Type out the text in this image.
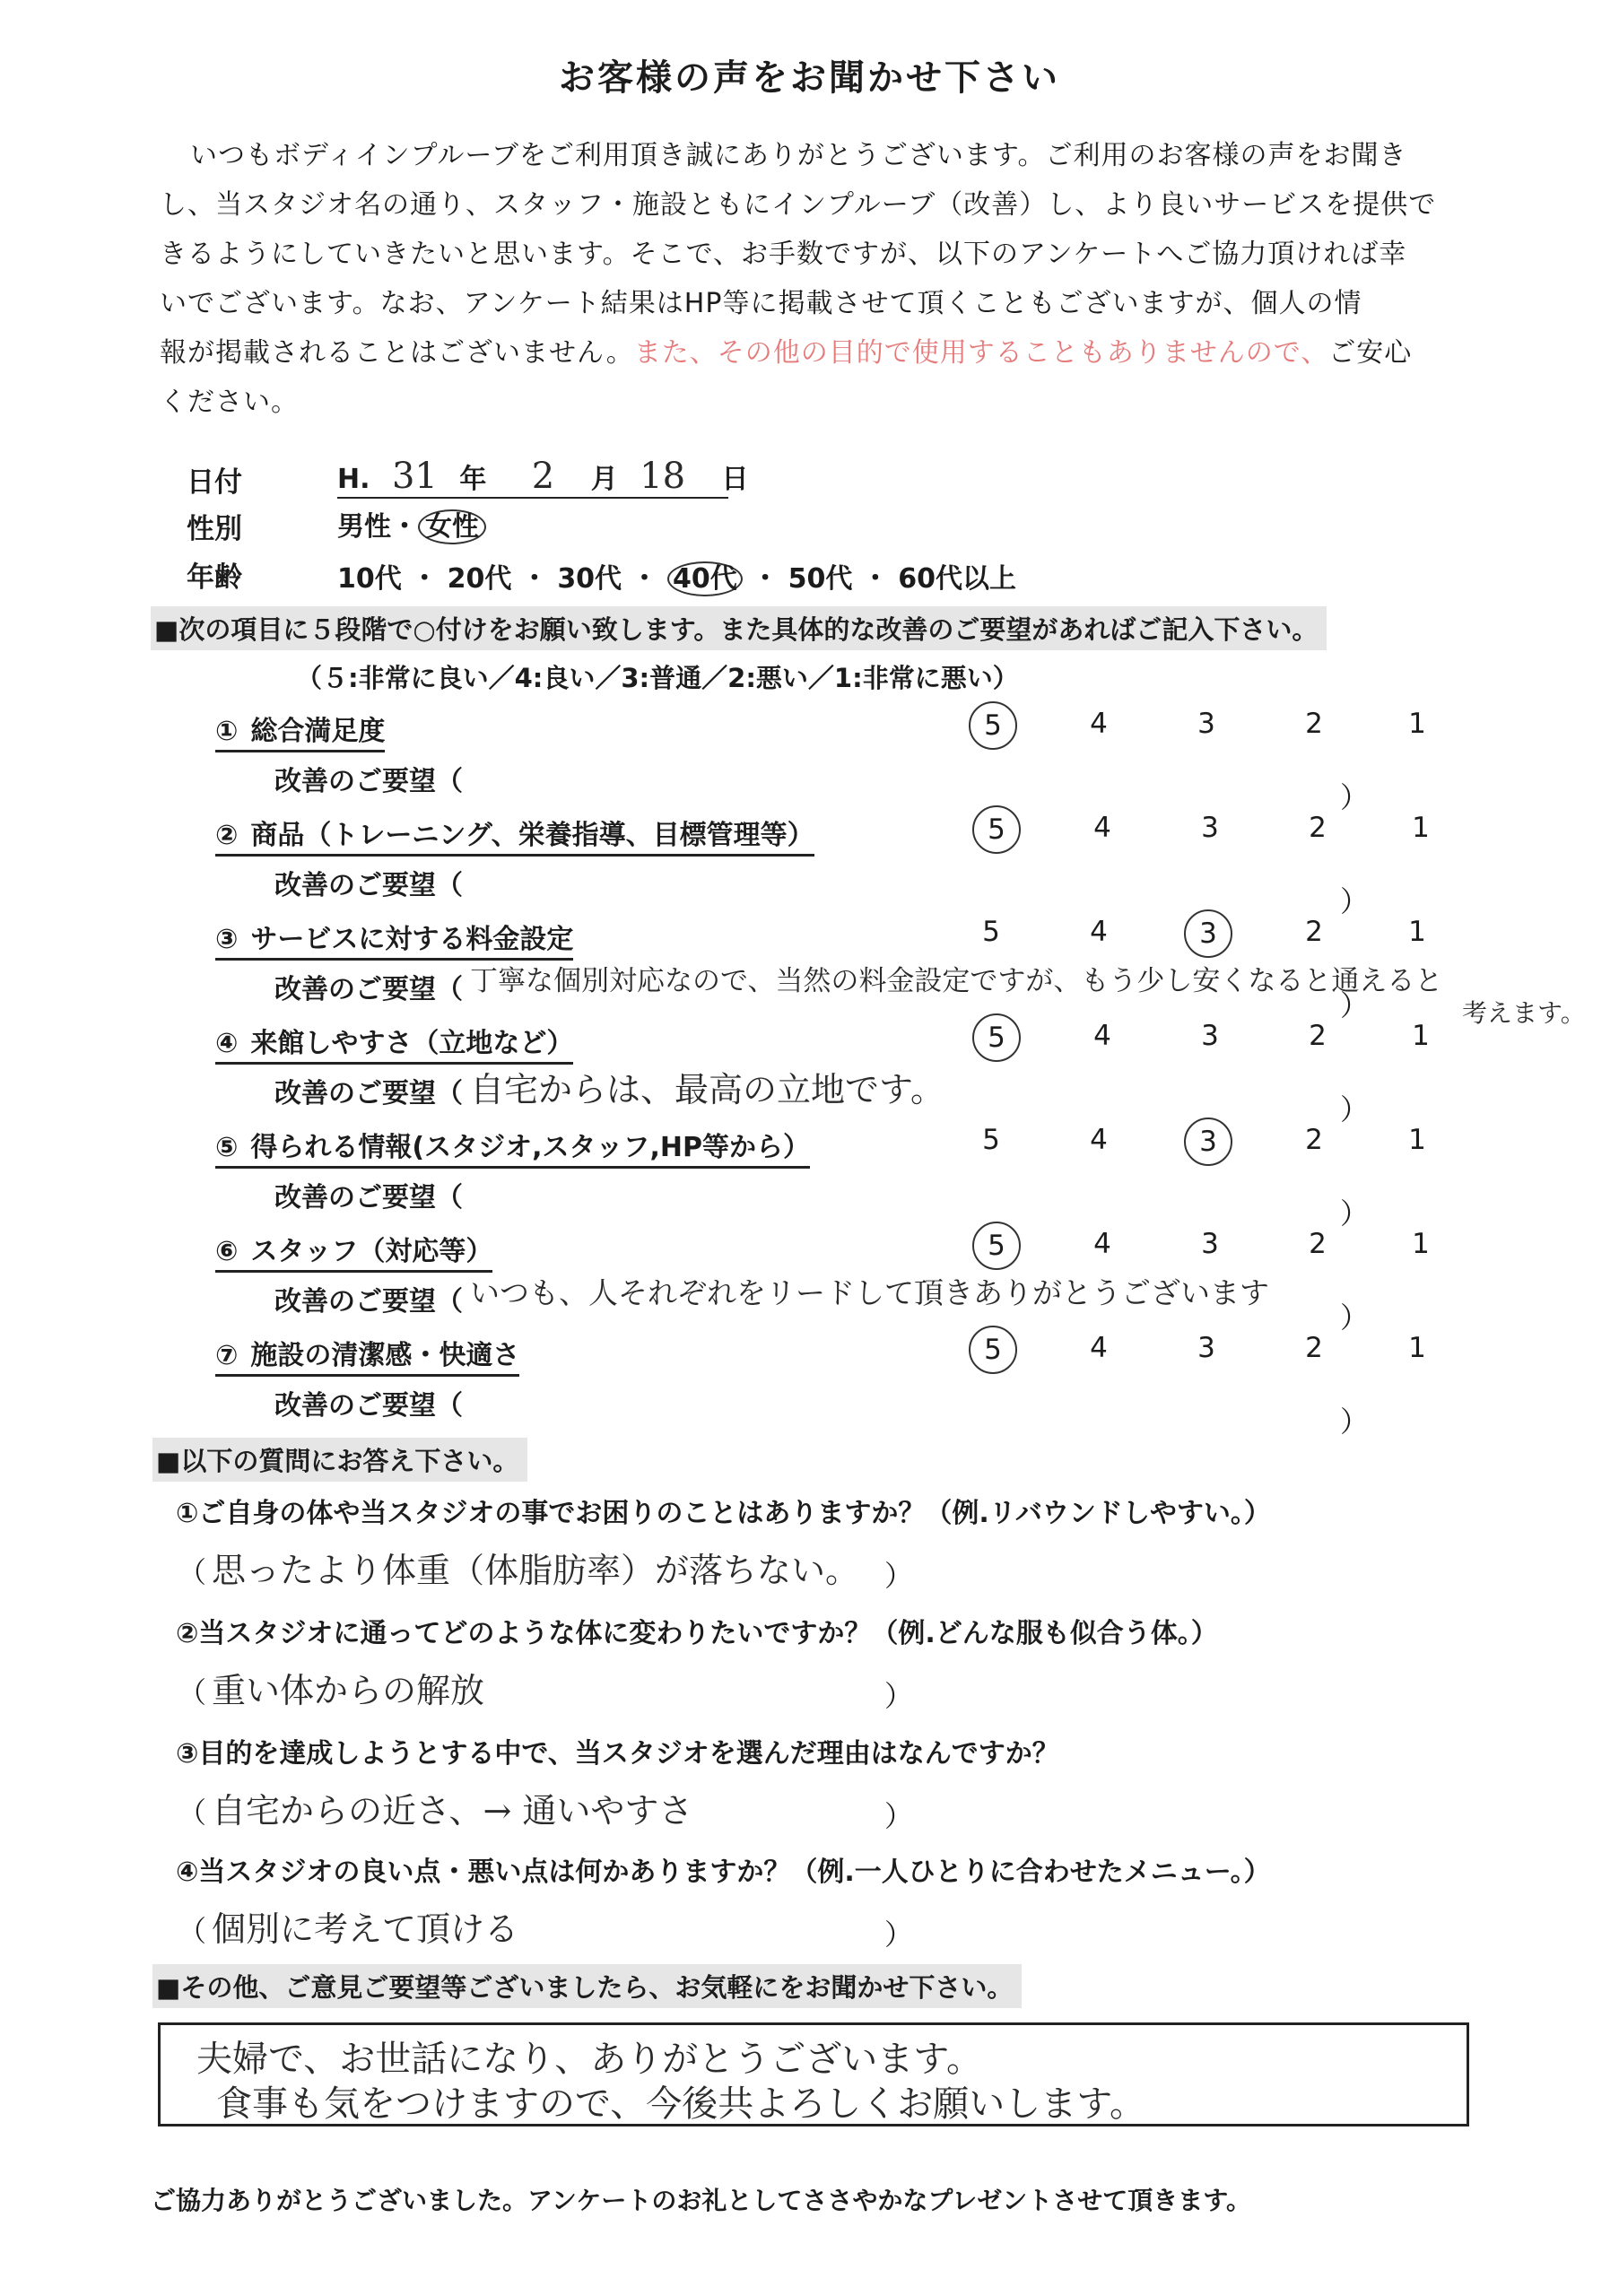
お客様の声をお聞かせ下さい
いつもボディインプルーブをご利用頂き誠にありがとうございます。ご利用のお客様の声をお聞き
し、当スタジオ名の通り、スタッフ・施設ともにインプルーブ（改善）し、より良いサービスを提供で
きるようにしていきたいと思います。そこで、お手数ですが、以下のアンケートへご協力頂ければ幸
いでございます。なお、アンケート結果はHP等に掲載させて頂くこともございますが、個人の情
報が掲載されることはございません。また、その他の目的で使用することもありませんので、ご安心
ください。
日付	H. 31 年 2 月 18 日
性別	男性・ 女性
年齢	10代 ・ 20代 ・ 30代 ・ 40代 ・ 50代 ・ 60代以上
■次の項目に５段階で○付けをお願い致します。また具体的な改善のご要望があればご記入下さい。
（５:非常に良い／4:良い／3:普通／2:悪い／1:非常に悪い）
① 総合満足度	5	4	3	2	1
改善のご要望（	）
② 商品（トレーニング、栄養指導、目標管理等）	5	4	3	2	1
改善のご要望（	）
③ サービスに対する料金設定	5	4	3	2	1
改善のご要望（ 丁寧な個別対応なので、当然の料金設定ですが、もう少し安くなると通えると
考えます。
）
④ 来館しやすさ（立地など）	5	4	3	2	1
改善のご要望（ 自宅からは、最高の立地です。	）
⑤ 得られる情報(スタジオ,スタッフ,HP等から）	5	4	3	2	1
改善のご要望（	）
⑥ スタッフ（対応等）	5	4	3	2	1
改善のご要望（ いつも、人それぞれをリードして頂きありがとうございます
）
⑦ 施設の清潔感・快適さ	5	4	3	2	1
改善のご要望（	）
■以下の質問にお答え下さい。
①ご自身の体や当スタジオの事でお困りのことはありますか？（例.リバウンドしやすい。）
（ 思ったより体重（体脂肪率）が落ちない。 ）
②当スタジオに通ってどのような体に変わりたいですか？（例.どんな服も似合う体。）
（ 重い体からの解放	）
③目的を達成しようとする中で、当スタジオを選んだ理由はなんですか？
（ 自宅からの近さ、→ 通いやすさ	）
④当スタジオの良い点・悪い点は何かありますか？（例.一人ひとりに合わせたメニュー。）
（ 個別に考えて頂ける	）
■その他、ご意見ご要望等ございましたら、お気軽にをお聞かせ下さい。
夫婦で、お世話になり、ありがとうございます。
食事も気をつけますので、今後共よろしくお願いします。
ご協力ありがとうございました。アンケートのお礼としてささやかなプレゼントさせて頂きます。
